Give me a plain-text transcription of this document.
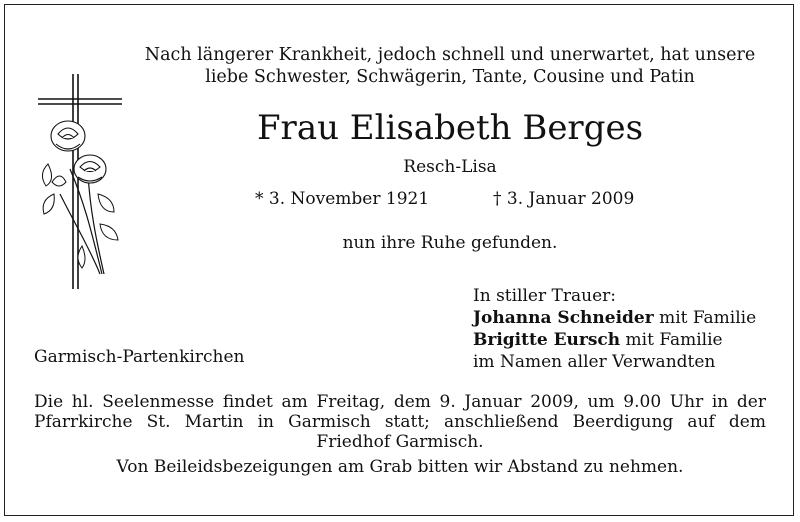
Nach längerer Krankheit, jedoch schnell und unerwartet, hat unsere
liebe Schwester, Schwägerin, Tante, Cousine und Patin
Frau Elisabeth Berges
Resch-Lisa
* 3. November 1921	† 3. Januar 2009
nun ihre Ruhe gefunden.
In stiller Trauer:
Johanna Schneider mit Familie
Brigitte Eursch mit Familie
im Namen aller Verwandten
Garmisch-Partenkirchen
Die hl. Seelenmesse findet am Freitag, dem 9. Januar 2009, um 9.00 Uhr in der Pfarrkirche St. Martin in Garmisch statt; anschließend Beerdigung auf dem Friedhof Garmisch.
Von Beileidsbezeigungen am Grab bitten wir Abstand zu nehmen.
